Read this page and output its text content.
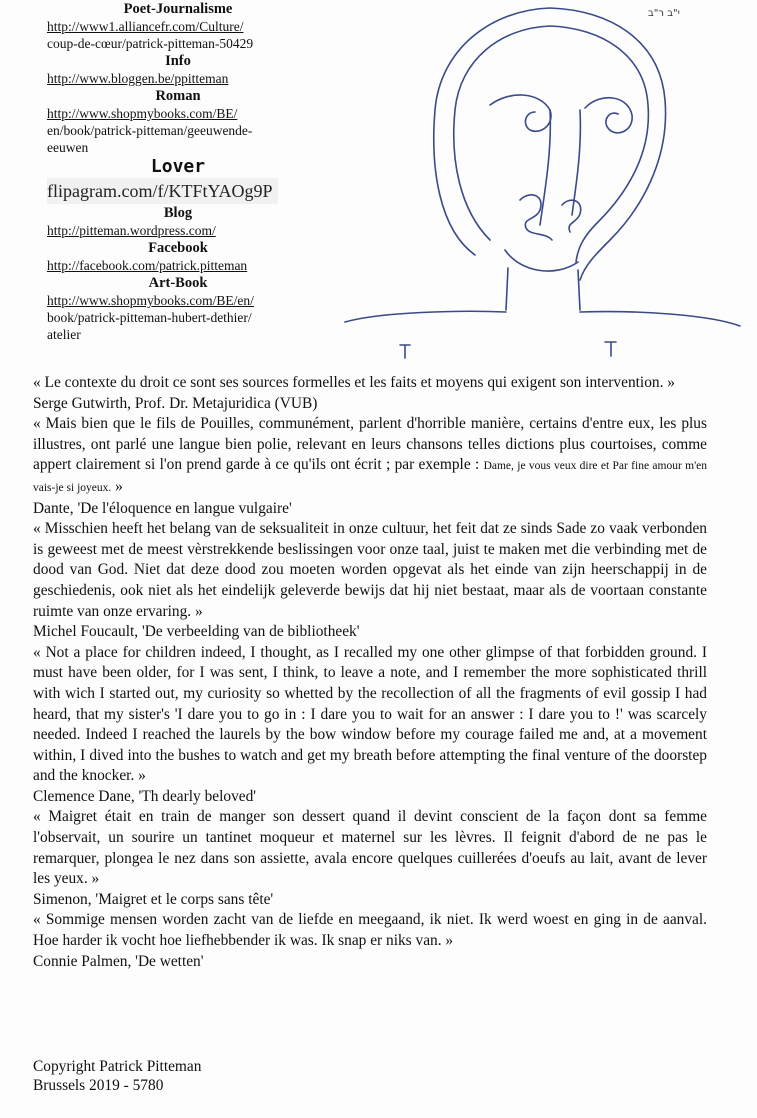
Poet-Journalisme
http://www1.alliancefr.com/Culture/
coup-de-cœur/patrick-pitteman-50429
Info
http://www.bloggen.be/ppitteman
Roman
http://www.shopmybooks.com/BE/
en/book/patrick-pitteman/geeuwende-
eeuwen
Lover
flipagram.com/f/KTFtYAOg9P
Blog
http://pitteman.wordpress.com/
Facebook
http://facebook.com/patrick.pitteman
Art-Book
http://www.shopmybooks.com/BE/en/
book/patrick-pitteman-hubert-dethier/
atelier
י"ב ר"ב

« Le contexte du droit ce sont ses sources formelles et les faits et moyens qui exigent son intervention. »

Serge Gutwirth, Prof. Dr. Metajuridica (VUB)

« Mais bien que le fils de Pouilles, communément, parlent d'horrible manière, certains d'entre eux, les plus illustres, ont parlé une langue bien polie, relevant en leurs chansons telles dictions plus courtoises, comme appert clairement si l'on prend garde à ce qu'ils ont écrit ; par exemple : Dame, je vous veux dire et Par fine amour m'en vais-je si joyeux. »

Dante, 'De l'éloquence en langue vulgaire'

« Misschien heeft het belang van de seksualiteit in onze cultuur, het feit dat ze sinds Sade zo vaak verbonden is geweest met de meest vèrstrekkende beslissingen voor onze taal, juist te maken met die verbinding met de dood van God. Niet dat deze dood zou moeten worden opgevat als het einde van zijn heerschappij in de geschiedenis, ook niet als het eindelijk geleverde bewijs dat hij niet bestaat, maar als de voortaan constante ruimte van onze ervaring. »

Michel Foucault, 'De verbeelding van de bibliotheek'

« Not a place for children indeed, I thought, as I recalled my one other glimpse of that forbidden ground. I must have been older, for I was sent, I think, to leave a note, and I remember the more sophisticated thrill with wich I started out, my curiosity so whetted by the recollection of all the fragments of evil gossip I had heard, that my sister's 'I dare you to go in : I dare you to wait for an answer : I dare you to !' was scarcely needed. Indeed I reached the laurels by the bow window before my courage failed me and, at a movement within, I dived into the bushes to watch and get my breath before attempting the final venture of the doorstep and the knocker. »

Clemence Dane, 'Th dearly beloved'

« Maigret était en train de manger son dessert quand il devint conscient de la façon dont sa femme l'observait, un sourire un tantinet moqueur et maternel sur les lèvres. Il feignit d'abord de ne pas le remarquer, plongea le nez dans son assiette, avala encore quelques cuillerées d'oeufs au lait, avant de lever les yeux. »

Simenon, 'Maigret et le corps sans tête'

« Sommige mensen worden zacht van de liefde en meegaand, ik niet. Ik werd woest en ging in de aanval. Hoe harder ik vocht hoe liefhebbender ik was. Ik snap er niks van. »

Connie Palmen, 'De wetten'

Copyright Patrick Pitteman
Brussels 2019 - 5780
